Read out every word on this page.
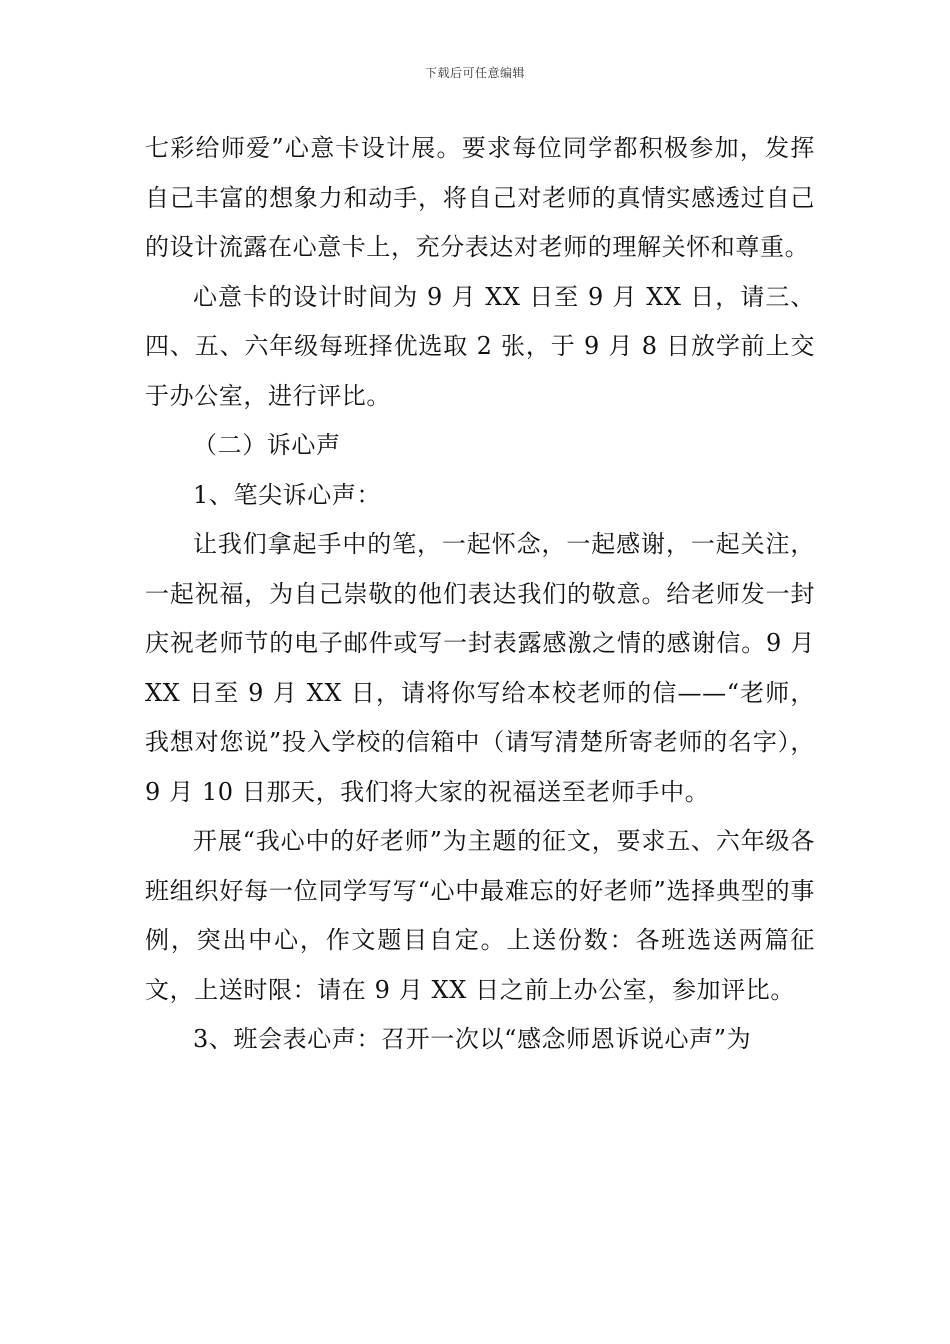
下载后可任意编辑

七彩给师爱”心意卡设计展。要求每位同学都积极参加，发挥自己丰富的想象力和动手，将自己对老师的真情实感透过自己的设计流露在心意卡上，充分表达对老师的理解关怀和尊重。

心意卡的设计时间为 9 月 XX 日至 9 月 XX 日，请三、四、五、六年级每班择优选取 2 张，于 9 月 8 日放学前上交于办公室，进行评比。

（二）诉心声

1、笔尖诉心声：

让我们拿起手中的笔，一起怀念，一起感谢，一起关注，一起祝福，为自己崇敬的他们表达我们的敬意。给老师发一封庆祝老师节的电子邮件或写一封表露感激之情的感谢信。9 月 XX 日至 9 月 XX 日，请将你写给本校老师的信——“老师，我想对您说”投入学校的信箱中（请写清楚所寄老师的名字），9 月 10 日那天，我们将大家的祝福送至老师手中。

开展“我心中的好老师”为主题的征文，要求五、六年级各班组织好每一位同学写写“心中最难忘的好老师”选择典型的事例，突出中心，作文题目自定。上送份数：各班选送两篇征文，上送时限：请在 9 月 XX 日之前上办公室，参加评比。

3、班会表心声：召开一次以“感念师恩诉说心声”为
